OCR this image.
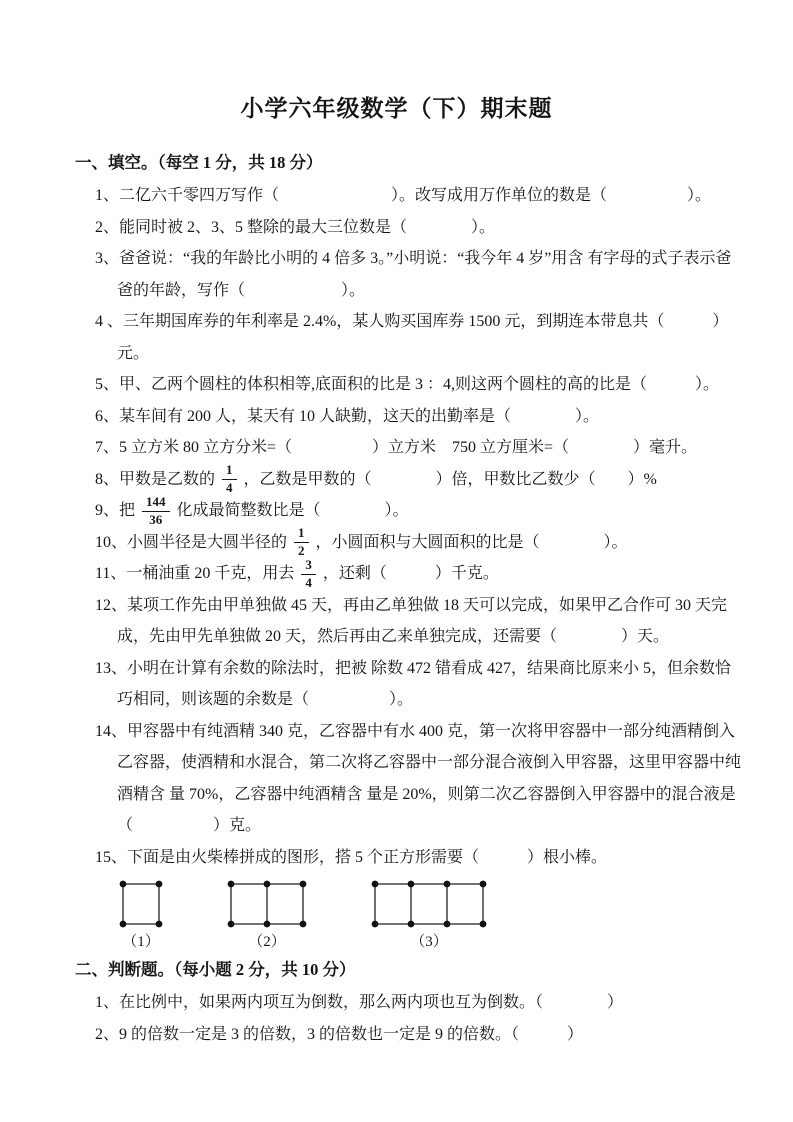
小学六年级数学（下）期末题
一、填空。（每空 1 分，共 18 分）
1、二亿六千零四万写作（　　　　　　　）。改写成用万作单位的数是（　　　　　）。
2、能同时被 2、3、5 整除的最大三位数是（　　　　）。
3、爸爸说：“我的年龄比小明的 4 倍多 3。”小明说：“我今年 4 岁”用含 有字母的式子表示爸爸的年龄，写作（　　　　　　）。
4 、三年期国库券的年利率是 2.4%，某人购买国库券 1500 元，到期连本带息共（　　　）元。
5、甲、乙两个圆柱的体积相等,底面积的比是 3 ：4,则这两个圆柱的高的比是（　　　）。
6、某车间有 200 人，某天有 10 人缺勤，这天的出勤率是（　　　　）。
7、5 立方米 80 立方分米=（　　　　　）立方米　750 立方厘米=（　　　　）毫升。
8、甲数是乙数的 $\frac{1}{4}$ ，乙数是甲数的（　　　　）倍，甲数比乙数少（　　）%
9、把 $\frac{144}{36}$ 化成最简整数比是（　　　　）。
10、小圆半径是大圆半径的 $\frac{1}{2}$ ，小圆面积与大圆面积的比是（　　　　）。
11、一桶油重 20 千克，用去 $\frac{3}{4}$ ，还剩（　　　）千克。
12、某项工作先由甲单独做 45 天，再由乙单独做 18 天可以完成，如果甲乙合作可 30 天完成，先由甲先单独做 20 天，然后再由乙来单独完成，还需要（　　　　）天。
13、小明在计算有余数的除法时，把被 除数 472 错看成 427，结果商比原来小 5，但余数恰巧相同，则该题的余数是（　　　　　）。
14、甲容器中有纯酒精 340 克，乙容器中有水 400 克，第一次将甲容器中一部分纯酒精倒入乙容器，使酒精和水混合，第二次将乙容器中一部分混合液倒入甲容器，这里甲容器中纯酒精含 量 70%，乙容器中纯酒精含 量是 20%，则第二次乙容器倒入甲容器中的混合液是（　　　　　）克。
15、下面是由火柴棒拼成的图形，搭 5 个正方形需要（　　　）根小棒。
（1）	（2）	（3）
二、判断题。（每小题 2 分，共 10 分）
1、在比例中，如果两内项互为倒数，那么两内项也互为倒数。（　　　　）
2、9 的倍数一定是 3 的倍数，3 的倍数也一定是 9 的倍数。（　　　）
